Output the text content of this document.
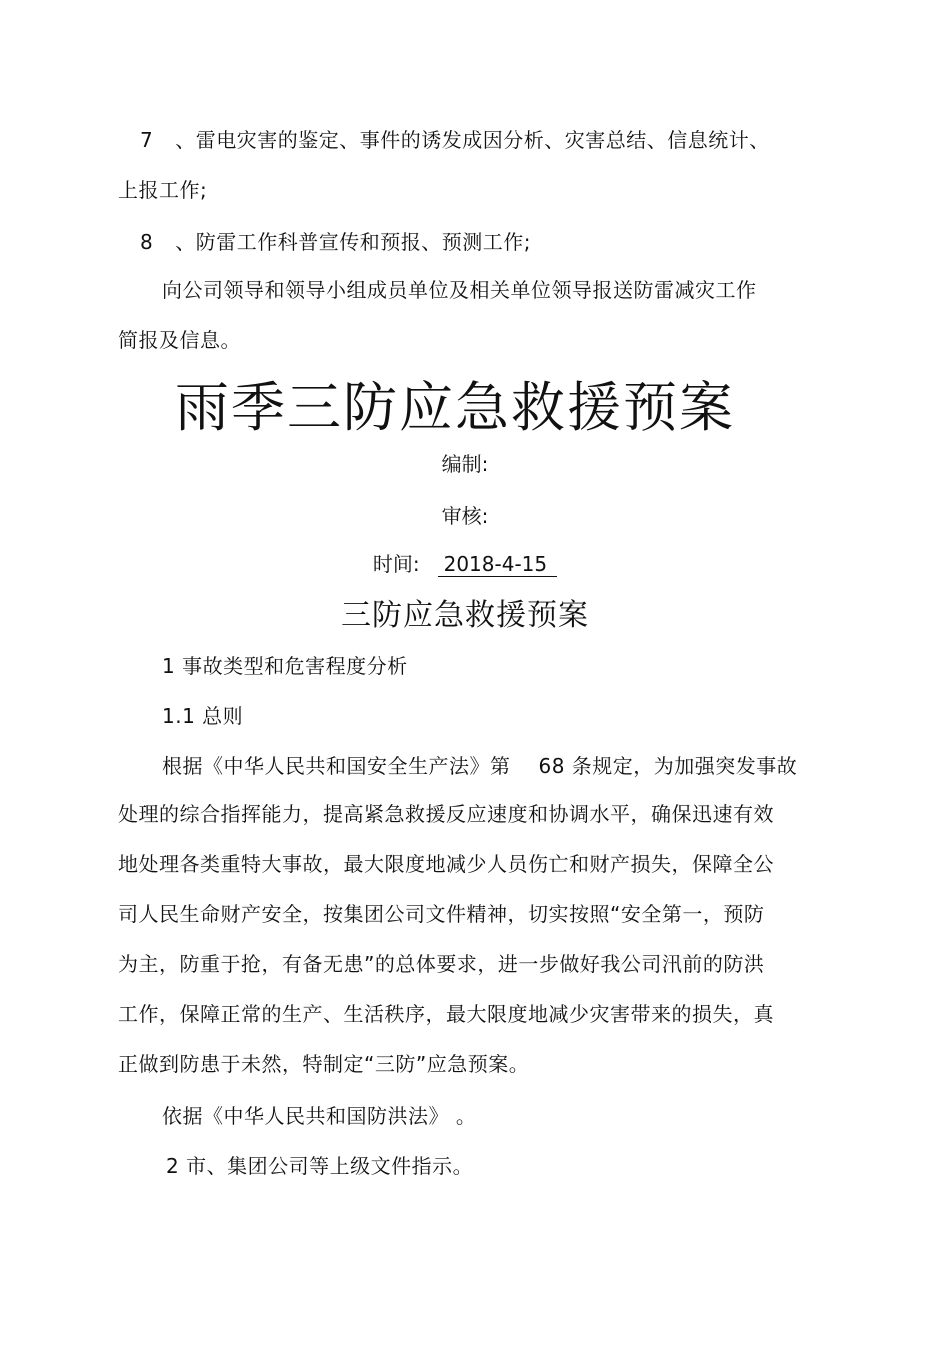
7 、雷电灾害的鉴定、事件的诱发成因分析、灾害总结、信息统计、
上报工作;
8 、防雷工作科普宣传和预报、预测工作;
向公司领导和领导小组成员单位及相关单位领导报送防雷减灾工作
简报及信息。
雨季三防应急救援预案
编制:
审核:
时间: 2018-4-15
三防应急救援预案
1 事故类型和危害程度分析
1.1 总则
根据《中华人民共和国安全生产法》第 68 条规定，为加强突发事故
处理的综合指挥能力，提高紧急救援反应速度和协调水平，确保迅速有效
地处理各类重特大事故，最大限度地减少人员伤亡和财产损失，保障全公
司人民生命财产安全，按集团公司文件精神，切实按照“安全第一，预防
为主，防重于抢，有备无患”的总体要求，进一步做好我公司汛前的防洪
工作，保障正常的生产、生活秩序，最大限度地减少灾害带来的损失，真
正做到防患于未然，特制定“三防”应急预案。
依据《中华人民共和国防洪法》 。
2 市、集团公司等上级文件指示。
